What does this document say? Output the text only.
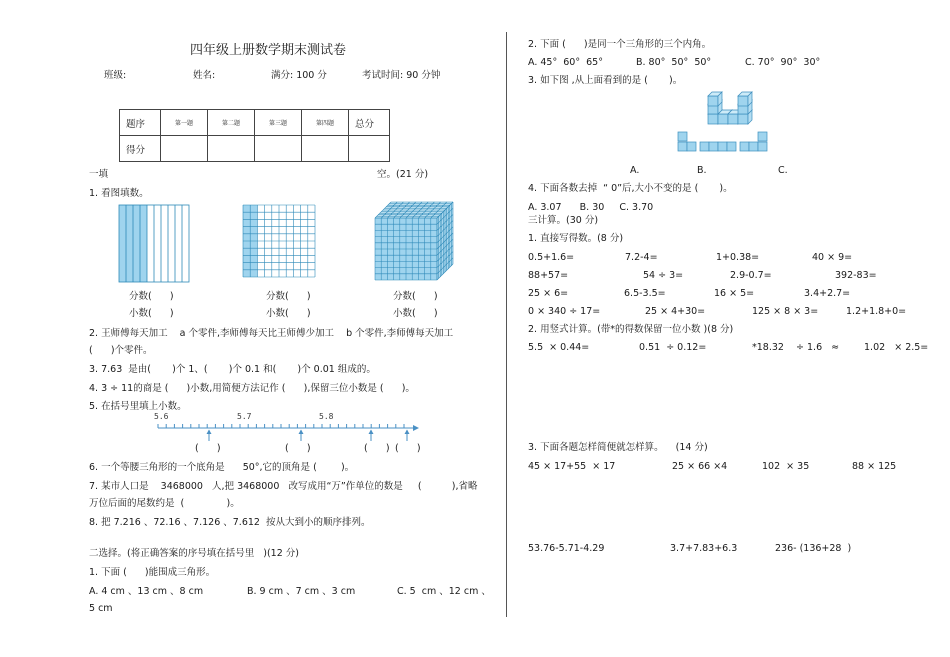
四年级上册数学期末测试卷
班级:	姓名:	满分: 100 分	考试时间: 90 分钟
题序	第一题	第二题	第三题	第四题	总分
得分					
一填	空。(21 分)
1. 看图填数。
分数(      )	分数(      )	分数(      )
小数(      )	小数(      )	小数(      )
2. 王师傅每天加工    a 个零件,李师傅每天比王师傅少加工    b 个零件,李师傅每天加工
(      )个零件。
3. 7.63  是由(       )个 1、(       )个 0.1 和(       )个 0.01 组成的。
4. 3 ÷ 11的商是 (      )小数,用简便方法记作 (      ),保留三位小数是 (      )。
5. 在括号里填上小数。
5.6	5.7	5.8
(      )	(      )	(      ) (      )
6. 一个等腰三角形的一个底角是      50°,它的顶角是 (        )。
7. 某市人口是    3468000   人,把 3468000   改写成用“万”作单位的数是     (          ),省略
万位后面的尾数约是  (              )。
8. 把 7.216 、72.16 、7.126 、7.612  按从大到小的顺序排列。
二选择。(将正确答案的序号填在括号里   )(12 分)
1. 下面 (      )能围成三角形。
A. 4 cm 、13 cm 、8 cm	B. 9 cm 、7 cm 、3 cm	C. 5  cm 、12 cm 、
5 cm
2. 下面 (      )是同一个三角形的三个内角。
A. 45°  60°  65°	B. 80°  50°  50°	C. 70°  90°  30°
3. 如下图 ,从上面看到的是 (       )。
A.	B.	C.
4. 下面各数去掉  “ 0”后,大小不变的是 (       )。
A. 3.07      B. 30     C. 3.70
三计算。(30 分)
1. 直接写得数。(8 分)
0.5+1.6=	7.2-4=	1+0.38=	40 × 9=
88+57=	54 ÷ 3=	2.9-0.7=	392-83=
25 × 6=	6.5-3.5=	16 × 5=	3.4+2.7=
0 × 340 ÷ 17=	25 × 4+30=	125 × 8 × 3=	1.2+1.8+0=
2. 用竖式计算。(带*的得数保留一位小数 )(8 分)
5.5  × 0.44=	0.51  ÷ 0.12=	*18.32    ÷ 1.6   ≈	1.02   × 2.5=
3. 下面各题怎样简便就怎样算。    (14 分)
45 × 17+55  × 17	25 × 66 ×4	102  × 35	88 × 125
53.76-5.71-4.29	3.7+7.83+6.3	236- (136+28  )
